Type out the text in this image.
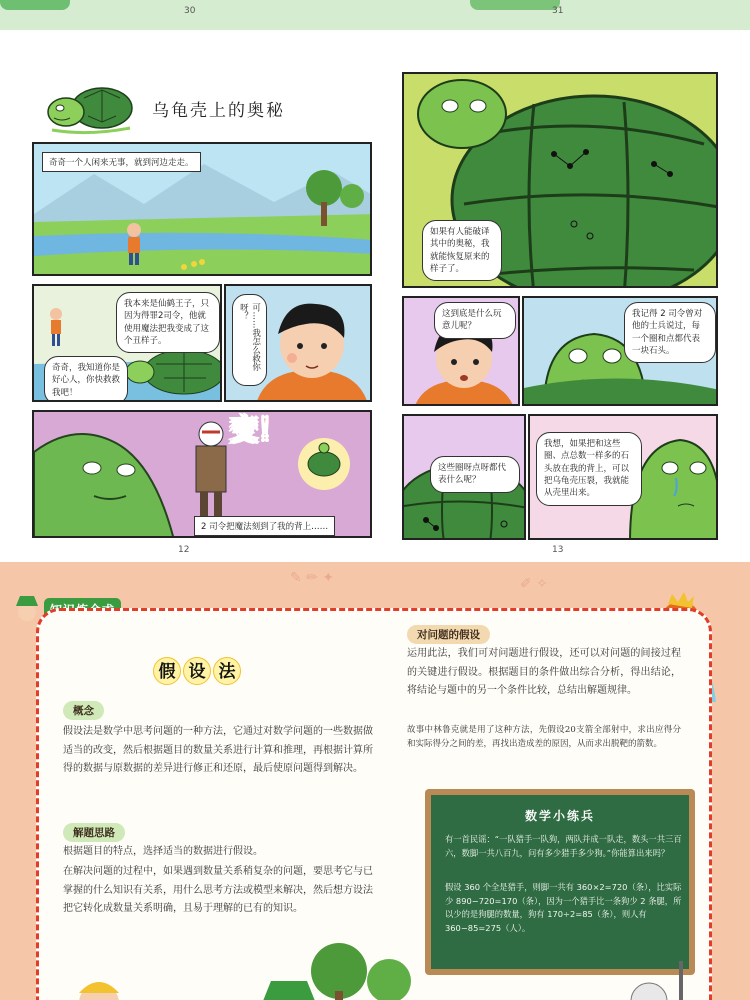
30	31
乌龟壳上的奥秘
奇奇一个人闲来无事，就到河边走走。
我本来是仙鹤王子，只因为得罪2司令，他就使用魔法把我变成了这个丑样子。
奇奇，我知道你是好心人，你快救救我吧！
可……我怎么救你呀？
变！
2 司令把魔法刻到了我的背上……
如果有人能破译其中的奥秘，我就能恢复原来的样子了。
这到底是什么玩意儿呢？
我记得 2 司令曾对他的士兵说过，每一个圈和点都代表一块石头。
这些圈呀点呀都代表什么呢？
我想，如果把和这些圈、点总数一样多的石头放在我的背上，可以把乌龟壳压裂，我就能从壳里出来。
12	13
✎ ✏ ✦	✐ ✧
假 设 法
概念

假设法是数学中思考问题的一种方法，它通过对数学问题的一些数据做适当的改变，然后根据题目的数量关系进行计算和推理，再根据计算所得的数据与原数据的差异进行修正和还原，最后使原问题得到解决。

解题思路

根据题目的特点，选择适当的数据进行假设。

在解决问题的过程中，如果遇到数量关系稍复杂的问题，要思考它与已掌握的什么知识有关系，用什么思考方法或模型来解决，然后想方设法把它转化成数量关系明确，且易于理解的已有的知识。

对问题的假设

运用此法，我们可对问题进行假设，还可以对问题的间接过程的关键进行假设。根据题目的条件做出综合分析，得出结论，将结论与题中的另一个条件比较，总结出解题规律。

故事中林鲁克就是用了这种方法，先假设20支箭全部射中，求出应得分和实际得分之间的差，再找出造成差的原因，从而求出脱靶的箭数。

数学小练兵

有一首民谣：“一队猎手一队狗，两队并成一队走，数头一共三百六，数脚一共八百九，问有多少猎手多少狗。”你能算出来吗？

假设 360 个全是猎手，则脚一共有 360×2=720（条），比实际少 890−720=170（条），因为一个猎手比一条狗少 2 条腿，所以少的是狗腿的数量，狗有 170÷2=85（条），则人有 360−85=275（人）。
